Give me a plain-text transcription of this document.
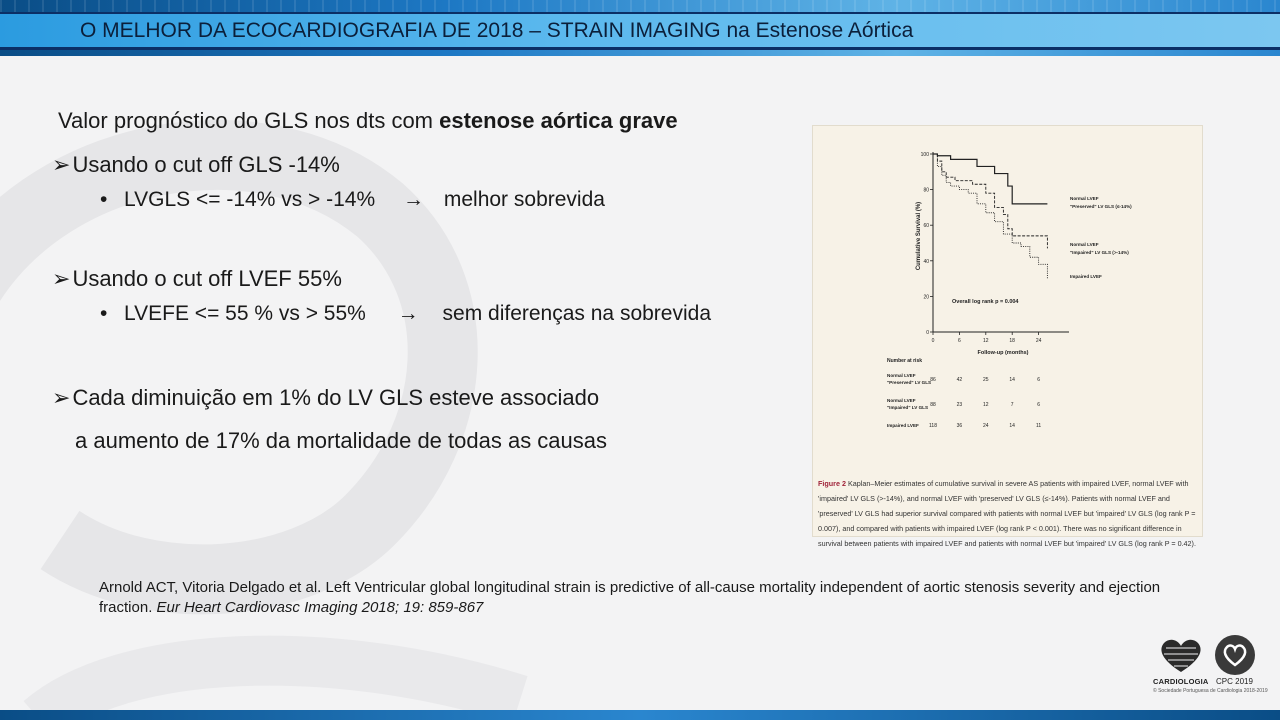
O MELHOR DA ECOCARDIOGRAFIA DE 2018 – STRAIN IMAGING na Estenose Aórtica
Valor prognóstico do GLS nos dts com estenose aórtica grave
➢Usando o cut off GLS -14%
• LVGLS <= -14% vs > -14% → melhor sobrevida
➢Usando o cut off LVEF 55%
• LVEFE <= 55 % vs > 55% → sem diferenças na sobrevida
➢Cada diminuição em 1% do LV GLS esteve associado
a aumento de 17% da mortalidade de todas as causas
Cumulative Survival (%)
100
80
60
40
20
0
0	6	12	18	24
Normal LVEF
"Preserved" LV GLS (≤-14%)
Normal LVEF
"Impaired" LV GLS (>-14%)
Impaired LVEF
Overall log rank p = 0.004
Follow-up (months)
Number at risk
Normal LVEF
"Preserved" LV GLS 86	42	25	14	6
Normal LVEF
"Impaired" LV GLS 88	23	12	7	6
Impaired LVEF 118	36	24	14	11
Figure 2 Kaplan–Meier estimates of cumulative survival in severe AS patients with impaired LVEF, normal LVEF with 'impaired' LV GLS (>-14%), and normal LVEF with 'preserved' LV GLS (≤-14%). Patients with normal LVEF and 'preserved' LV GLS had superior survival compared with patients with normal LVEF but 'impaired' LV GLS (log rank P = 0.007), and compared with patients with impaired LVEF (log rank P < 0.001). There was no significant difference in survival between patients with impaired LVEF and patients with normal LVEF but 'impaired' LV GLS (log rank P = 0.42).
Arnold ACT, Vitoria Delgado et al. Left Ventricular global longitudinal strain is predictive of all-cause mortality independent of aortic stenosis severity and ejection fraction. Eur Heart Cardiovasc Imaging 2018; 19: 859-867
CARDIOLOGIA
© Sociedade Portuguesa de Cardiologia 2018-2019
CPC 2019
